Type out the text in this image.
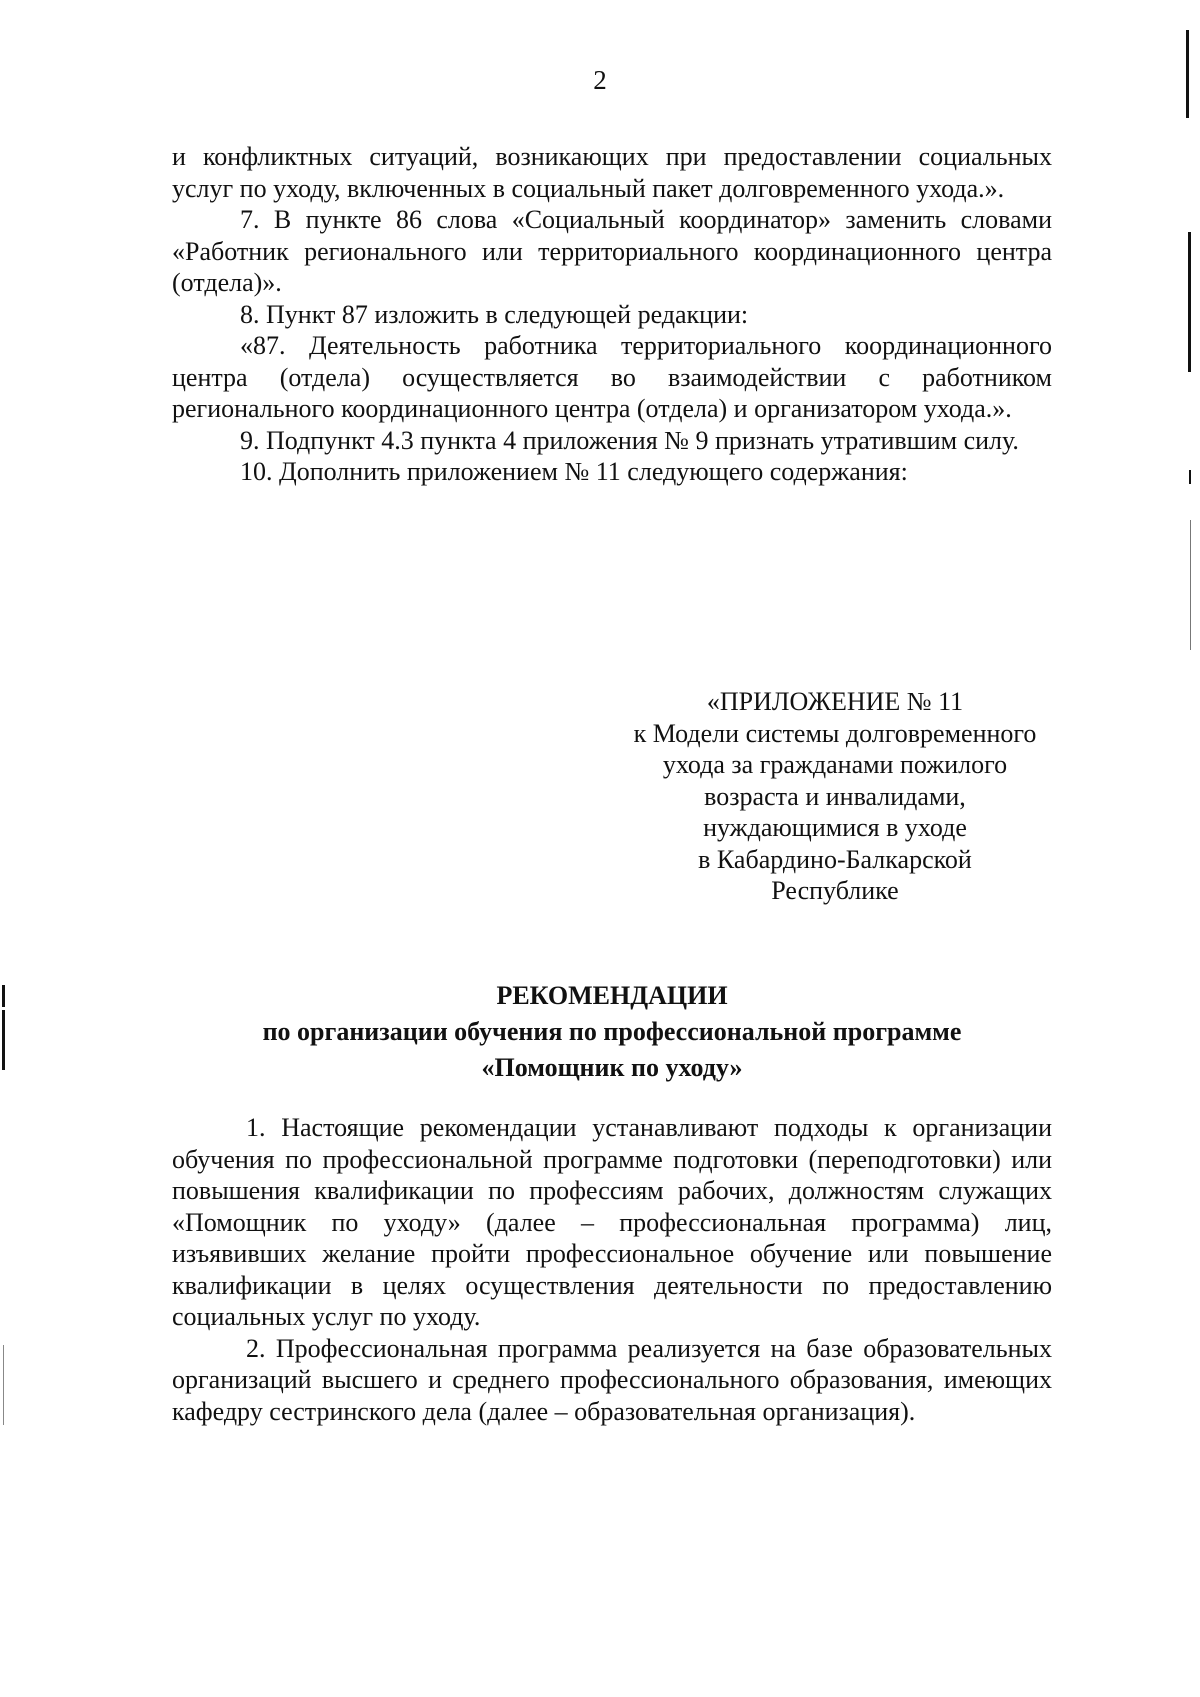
2

и конфликтных ситуаций, возникающих при предоставлении социальных услуг по уходу, включенных в социальный пакет долговременного ухода.».

7. В пункте 86 слова «Социальный координатор» заменить словами «Работник регионального или территориального координационного центра (отдела)».

8. Пункт 87 изложить в следующей редакции:

«87. Деятельность работника территориального координационного центра (отдела) осуществляется во взаимодействии с работником регионального координационного центра (отдела) и организатором ухода.».

9. Подпункт 4.3 пункта 4 приложения № 9 признать утратившим силу.

10. Дополнить приложением № 11 следующего содержания:

«ПРИЛОЖЕНИЕ № 11
к Модели системы долговременного
ухода за гражданами пожилого
возраста и инвалидами,
нуждающимися в уходе
в Кабардино-Балкарской
Республике
РЕКОМЕНДАЦИИ
по организации обучения по профессиональной программе
«Помощник по уходу»

1. Настоящие рекомендации устанавливают подходы к организации обучения по профессиональной программе подготовки (переподготовки) или повышения квалификации по профессиям рабочих, должностям служащих «Помощник по уходу» (далее – профессиональная программа) лиц, изъявивших желание пройти профессиональное обучение или повышение квалификации в целях осуществления деятельности по предоставлению социальных услуг по уходу.

2. Профессиональная программа реализуется на базе образовательных организаций высшего и среднего профессионального образования, имеющих кафедру сестринского дела (далее – образовательная организация).
